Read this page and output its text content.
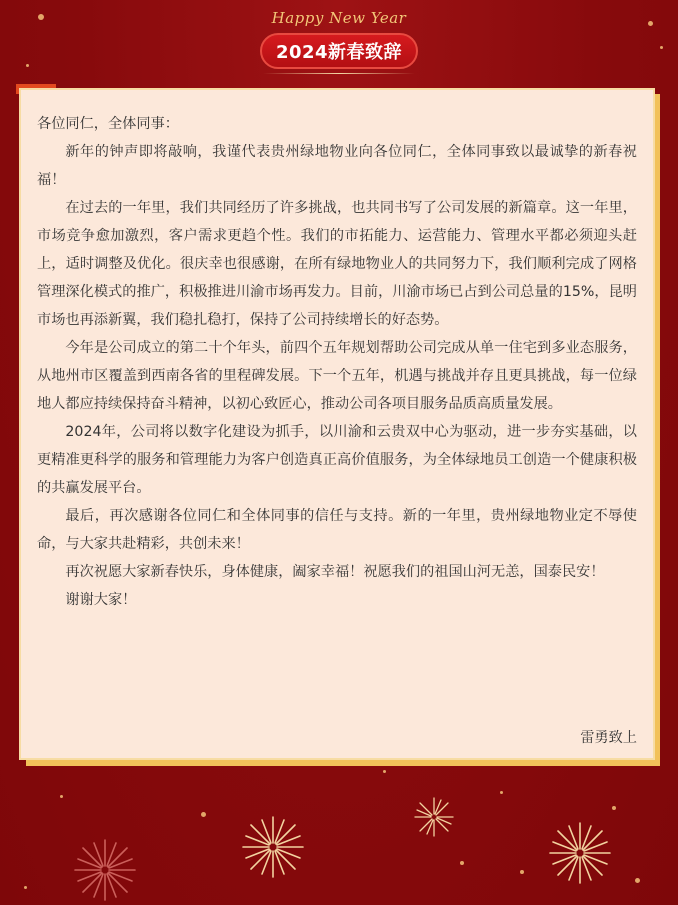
Happy New Year
2024新春致辞

各位同仁，全体同事：

新年的钟声即将敲响，我谨代表贵州绿地物业向各位同仁，全体同事致以最诚挚的新春祝福！

在过去的一年里，我们共同经历了许多挑战，也共同书写了公司发展的新篇章。这一年里，市场竞争愈加激烈，客户需求更趋个性。我们的市拓能力、运营能力、管理水平都必须迎头赶上，适时调整及优化。很庆幸也很感谢，在所有绿地物业人的共同努力下，我们顺利完成了网格管理深化模式的推广，积极推进川渝市场再发力。目前，川渝市场已占到公司总量的15%，昆明市场也再添新翼，我们稳扎稳打，保持了公司持续增长的好态势。

今年是公司成立的第二十个年头，前四个五年规划帮助公司完成从单一住宅到多业态服务，从地州市区覆盖到西南各省的里程碑发展。下一个五年，机遇与挑战并存且更具挑战，每一位绿地人都应持续保持奋斗精神，以初心致匠心，推动公司各项目服务品质高质量发展。

2024年，公司将以数字化建设为抓手，以川渝和云贵双中心为驱动，进一步夯实基础，以更精准更科学的服务和管理能力为客户创造真正高价值服务，为全体绿地员工创造一个健康积极的共赢发展平台。

最后，再次感谢各位同仁和全体同事的信任与支持。新的一年里，贵州绿地物业定不辱使命，与大家共赴精彩，共创未来！

再次祝愿大家新春快乐，身体健康，阖家幸福！祝愿我们的祖国山河无恙，国泰民安！

谢谢大家！

雷勇致上
